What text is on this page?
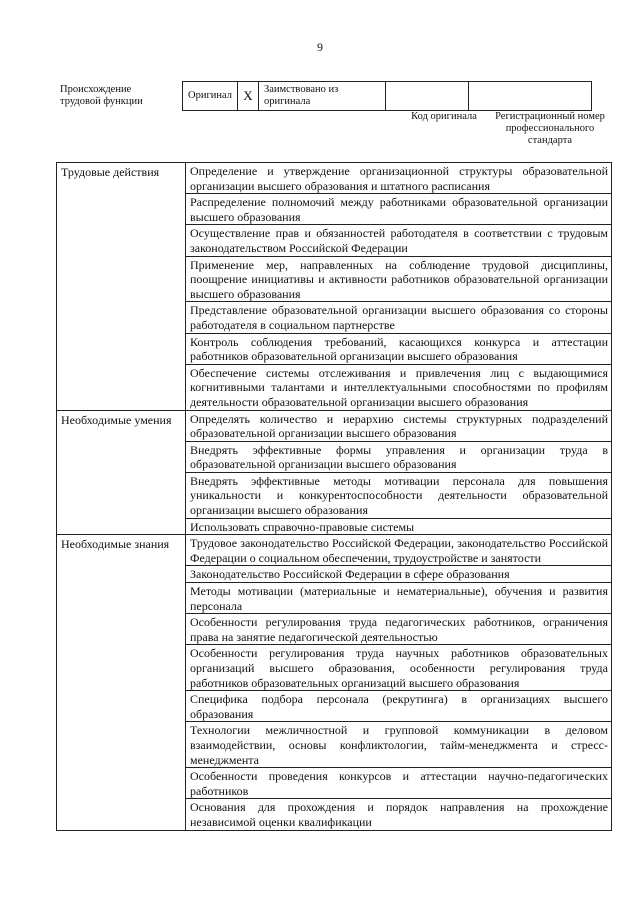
9
Происхождение трудовой функции
Оригинал	X	Заимствовано из оригинала		
Код оригинала	Регистрационный номер профессионального стандарта
Трудовые действия	Определение и утверждение организационной структуры образовательной организации высшего образования и штатного расписания
	Распределение полномочий между работниками образовательной организации высшего образования
	Осуществление прав и обязанностей работодателя в соответствии с трудовым законодательством Российской Федерации
	Применение мер, направленных на соблюдение трудовой дисциплины, поощрение инициативы и активности работников образовательной организации высшего образования
	Представление образовательной организации высшего образования со стороны работодателя в социальном партнерстве
	Контроль соблюдения требований, касающихся конкурса и аттестации работников образовательной организации высшего образования
	Обеспечение системы отслеживания и привлечения лиц с выдающимися когнитивными талантами и интеллектуальными способностями по профилям деятельности образовательной организации высшего образования
Необходимые умения	Определять количество и иерархию системы структурных подразделений образовательной организации высшего образования
	Внедрять эффективные формы управления и организации труда в образовательной организации высшего образования
	Внедрять эффективные методы мотивации персонала для повышения уникальности и конкурентоспособности деятельности образовательной организации высшего образования
	Использовать справочно-правовые системы
Необходимые знания	Трудовое законодательство Российской Федерации, законодательство Российской Федерации о социальном обеспечении, трудоустройстве и занятости
	Законодательство Российской Федерации в сфере образования
	Методы мотивации (материальные и нематериальные), обучения и развития персонала
	Особенности регулирования труда педагогических работников, ограничения права на занятие педагогической деятельностью
	Особенности регулирования труда научных работников образовательных организаций высшего образования, особенности регулирования труда работников образовательных организаций высшего образования
	Специфика подбора персонала (рекрутинга) в организациях высшего образования
	Технологии межличностной и групповой коммуникации в деловом взаимодействии, основы конфликтологии, тайм-менеджмента и стресс-менеджмента
	Особенности проведения конкурсов и аттестации научно-педагогических работников
	Основания для прохождения и порядок направления на прохождение независимой оценки квалификации
